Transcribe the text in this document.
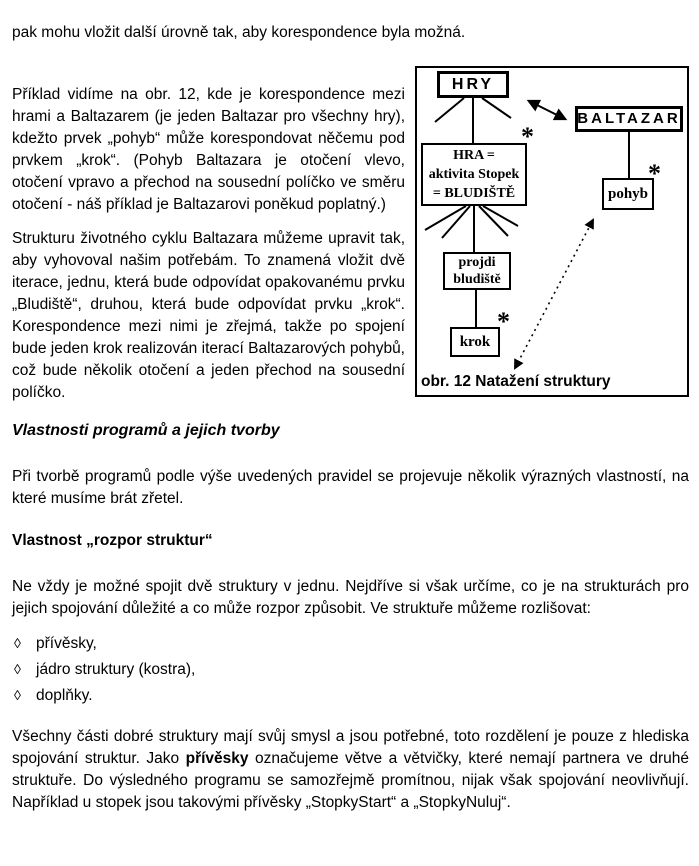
pak mohu vložit další úrovně tak, aby korespondence byla možná.

HRY
BALTAZAR
HRA =
aktivita Stopek
= BLUDIŠTĚ	pohyb
projdi
bludiště
krok
*
*
*
obr. 12 Natažení struktury

Příklad vidíme na obr. 12, kde je korespondence mezi hrami a Baltazarem (je jeden Baltazar pro všechny hry), kdežto prvek „pohyb“ může korespondovat něčemu pod prvkem „krok“. (Pohyb Baltazara je otočení vlevo, otočení vpravo a přechod na sousední políčko ve směru otočení - náš příklad je Baltazarovi poněkud poplatný.)

Strukturu životného cyklu Baltazara můžeme upravit tak, aby vyhovoval našim potřebám. To znamená vložit dvě iterace, jednu, která bude odpovídat opakovanému prvku „Bludiště“, druhou, která bude odpovídat prvku „krok“. Korespondence mezi nimi je zřejmá, takže po spojení bude jeden krok realizován iterací Baltazarových pohybů, což bude několik otočení a jeden přechod na sousední políčko.

Vlastnosti programů a jejich tvorby

Při tvorbě programů podle výše uvedených pravidel se projevuje několik výrazných vlastností, na které musíme brát zřetel.

Vlastnost „rozpor struktur“

Ne vždy je možné spojit dvě struktury v jednu. Nejdříve si však určíme, co je na strukturách pro jejich spojování důležité a co může rozpor způsobit. Ve struktuře můžeme rozlišovat:

◊ přívěsky,
◊ jádro struktury (kostra),
◊ doplňky.

Všechny části dobré struktury mají svůj smysl a jsou potřebné, toto rozdělení je pouze z hlediska spojování struktur. Jako přívěsky označujeme větve a větvičky, které nemají partnera ve druhé struktuře. Do výsledného programu se samozřejmě promítnou, nijak však spojování neovlivňují. Například u stopek jsou takovými přívěsky „StopkyStart“ a „StopkyNuluj“.
